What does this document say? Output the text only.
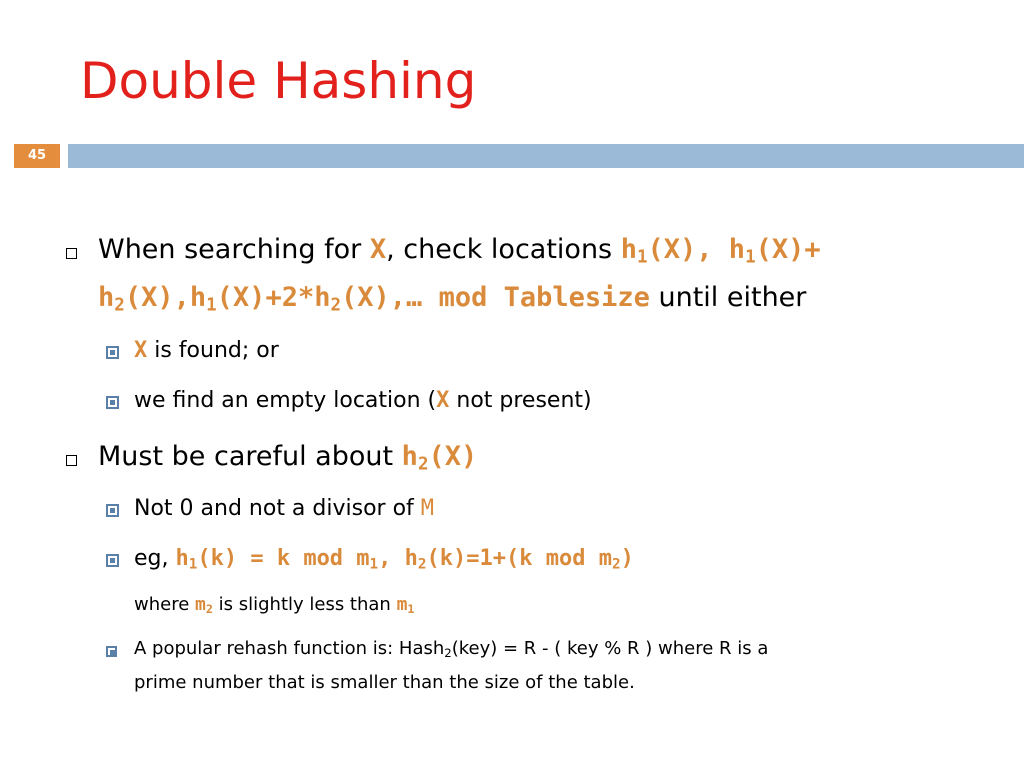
Double Hashing
45
When searching for X, check locations $h_1(X)$, $h_1(X)+$
$h_2(X),h_1(X)+2*h_2(X),\dots$ mod Tablesize until either
X is found; or
we find an empty location (X not present)
Must be careful about $h_2(X)$
Not 0 and not a divisor of M
eg, $h_1(k) = k$ mod $m_1$, $h_2(k)=1+(k$ mod $m_2$)
where $m_2$ is slightly less than $m_1$
A popular rehash function is: Hash$_2$(key) = R - ( key % R ) where R is a
prime number that is smaller than the size of the table.
